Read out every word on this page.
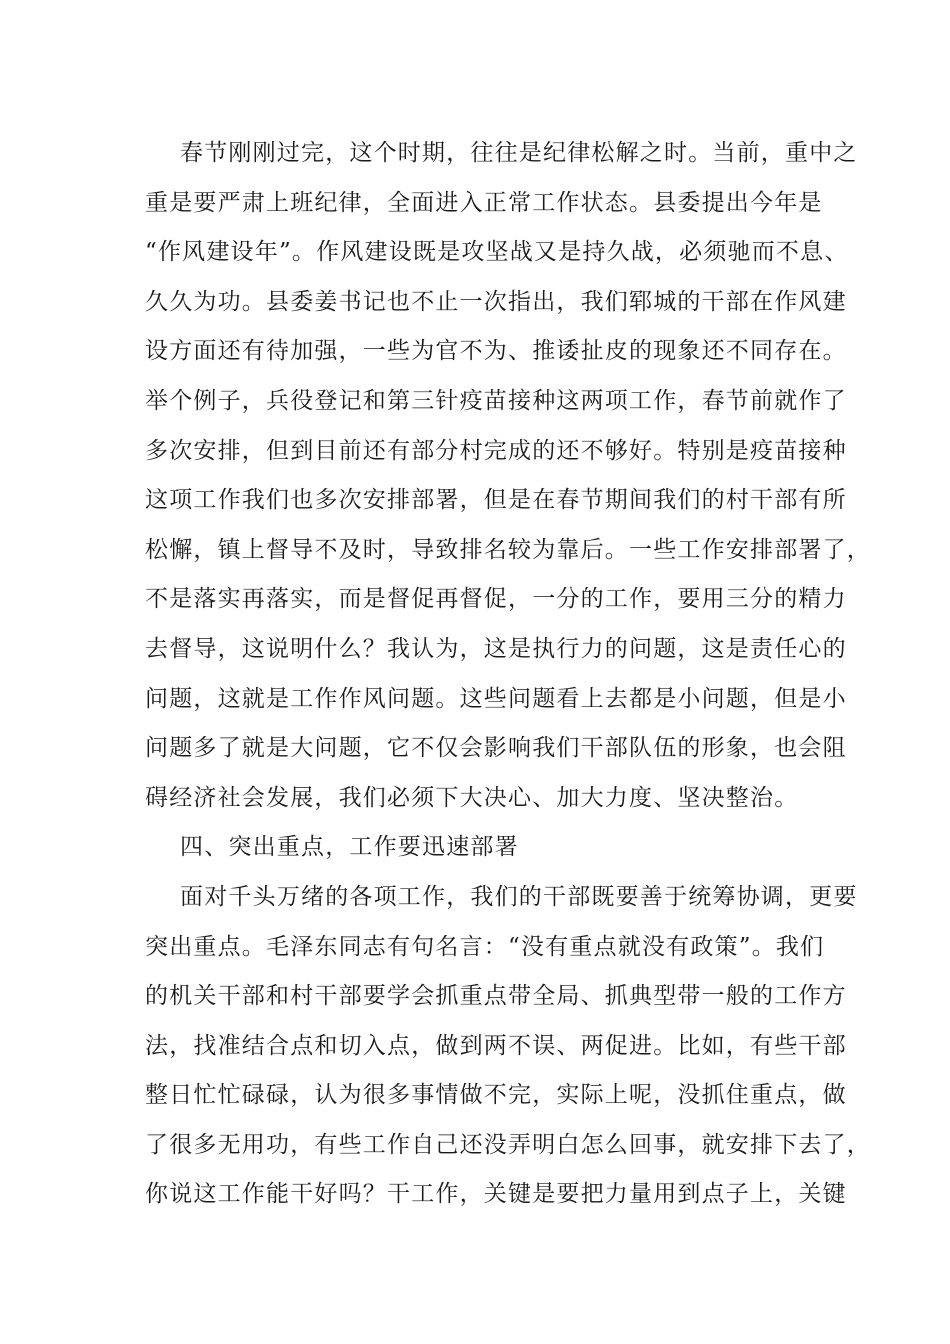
春节刚刚过完，这个时期，往往是纪律松解之时。当前，重中之
重是要严肃上班纪律，全面进入正常工作状态。县委提出今年是
“作风建设年”。作风建设既是攻坚战又是持久战，必须驰而不息、
久久为功。县委姜书记也不止一次指出，我们郓城的干部在作风建
设方面还有待加强，一些为官不为、推诿扯皮的现象还不同存在。
举个例子，兵役登记和第三针疫苗接种这两项工作，春节前就作了
多次安排，但到目前还有部分村完成的还不够好。特别是疫苗接种
这项工作我们也多次安排部署，但是在春节期间我们的村干部有所
松懈，镇上督导不及时，导致排名较为靠后。一些工作安排部署了，
不是落实再落实，而是督促再督促，一分的工作，要用三分的精力
去督导，这说明什么？我认为，这是执行力的问题，这是责任心的
问题，这就是工作作风问题。这些问题看上去都是小问题，但是小
问题多了就是大问题，它不仅会影响我们干部队伍的形象，也会阻
碍经济社会发展，我们必须下大决心、加大力度、坚决整治。
四、突出重点，工作要迅速部署
面对千头万绪的各项工作，我们的干部既要善于统筹协调，更要
突出重点。毛泽东同志有句名言：“没有重点就没有政策”。我们
的机关干部和村干部要学会抓重点带全局、抓典型带一般的工作方
法，找准结合点和切入点，做到两不误、两促进。比如，有些干部
整日忙忙碌碌，认为很多事情做不完，实际上呢，没抓住重点，做
了很多无用功，有些工作自己还没弄明白怎么回事，就安排下去了，
你说这工作能干好吗？干工作，关键是要把力量用到点子上，关键
